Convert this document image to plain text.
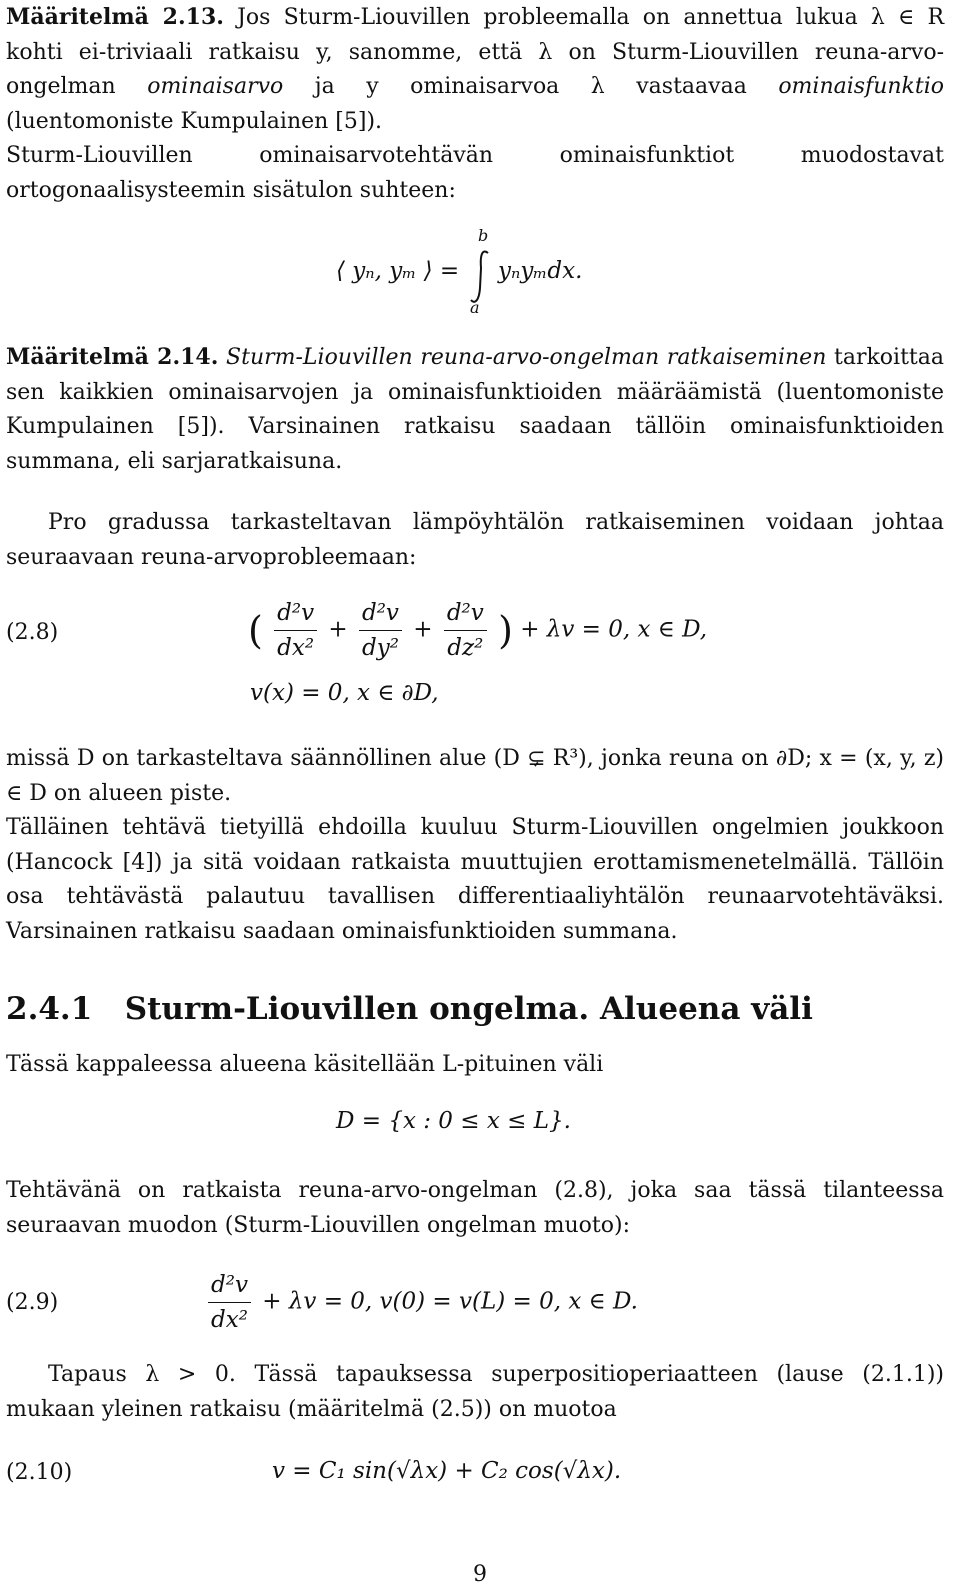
Määritelmä 2.13. Jos Sturm-Liouvillen probleemalla on annettua lukua λ ∈ R kohti ei-triviaali ratkaisu y, sanomme, että λ on Sturm-Liouvillen reuna-arvo-ongelman ominaisarvo ja y ominaisarvoa λ vastaavaa ominaisfunktio (luentomoniste Kumpulainen [5]).

Sturm-Liouvillen ominaisarvotehtävän ominaisfunktiot muodostavat ortogonaalisysteemin sisätulon suhteen:

⟨ yₙ, yₘ ⟩ =
b
a
yₙyₘdx.

Määritelmä 2.14. Sturm-Liouvillen reuna-arvo-ongelman ratkaiseminen tarkoittaa sen kaikkien ominaisarvojen ja ominaisfunktioiden määräämistä (luentomoniste Kumpulainen [5]). Varsinainen ratkaisu saadaan tällöin ominaisfunktioiden summana, eli sarjaratkaisuna.

Pro gradussa tarkasteltavan lämpöyhtälön ratkaiseminen voidaan johtaa seuraavaan reuna-arvoprobleemaan:

(2.8)	( $\frac{\text{d²v}}{\text{dx²}} + \frac{\text{d²v}}{\text{dy²}} + \frac{\text{d²v}}{\text{dz²}}$ ) + λv = 0, x ∈ D,
v(x) = 0, x ∈ ∂D,

missä D on tarkasteltava säännöllinen alue (D ⊊ R³), jonka reuna on ∂D; x = (x, y, z) ∈ D on alueen piste.

Tälläinen tehtävä tietyillä ehdoilla kuuluu Sturm-Liouvillen ongelmien joukkoon (Hancock [4]) ja sitä voidaan ratkaista muuttujien erottamismenetelmällä. Tällöin osa tehtävästä palautuu tavallisen differentiaaliyhtälön reunaarvotehtäväksi. Varsinainen ratkaisu saadaan ominaisfunktioiden summana.

2.4.1 Sturm-Liouvillen ongelma. Alueena väli

Tässä kappaleessa alueena käsitellään L-pituinen väli

D = {x : 0 ≤ x ≤ L}.

Tehtävänä on ratkaista reuna-arvo-ongelman (2.8), joka saa tässä tilanteessa seuraavan muodon (Sturm-Liouvillen ongelman muoto):

(2.9)	$\frac{\text{d²v}}{\text{dx²}} + \lambda v = 0$, v(0) = v(L) = 0, x ∈ D.

Tapaus λ > 0. Tässä tapauksessa superpositioperiaatteen (lause (2.1.1)) mukaan yleinen ratkaisu (määritelmä (2.5)) on muotoa

(2.10)	v = C₁ sin(√λx) + C₂ cos(√λx).
9
